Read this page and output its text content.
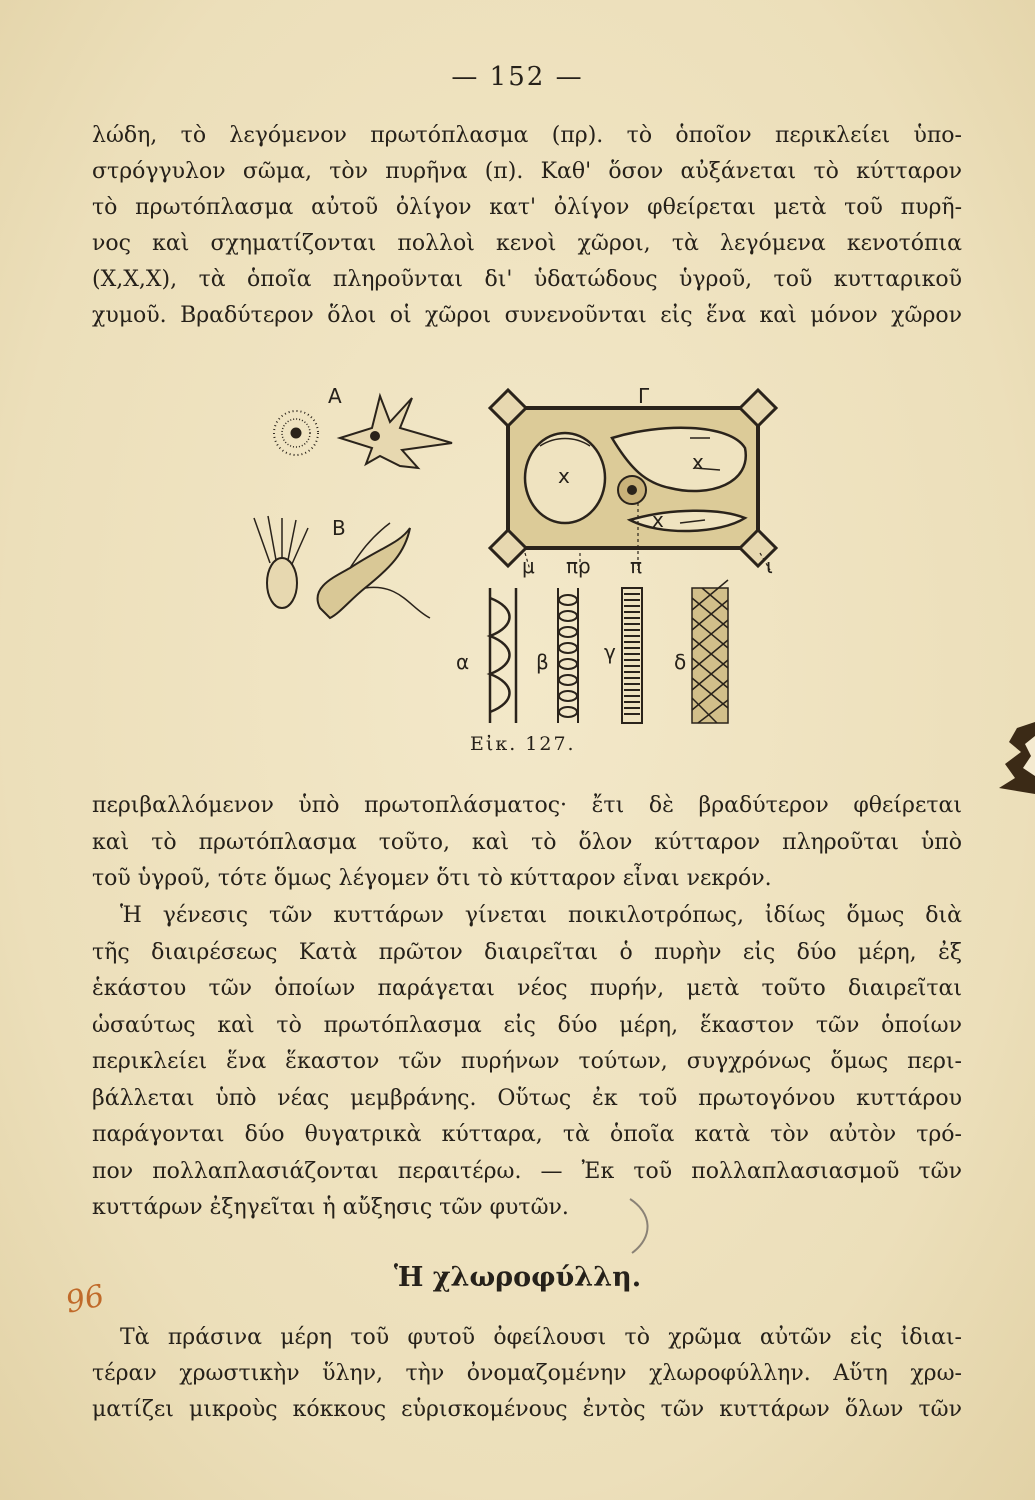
— 152 —
λώδη, τὸ λεγόμενον πρωτόπλασμα (πρ). τὸ ὁποῖον περικλείει ὑπο-
στρόγγυλον σῶμα, τὸν πυρῆνα (π). Καθ' ὅσον αὐξάνεται τὸ κύτταρον
τὸ πρωτόπλασμα αὐτοῦ ὀλίγον κατ' ὀλίγον φθείρεται μετὰ τοῦ πυρῆ-
νος καὶ σχηματίζονται πολλοὶ κενοὶ χῶροι, τὰ λεγόμενα κενοτόπια
(X,X,X), τὰ ὁποῖα πληροῦνται δι' ὑδατώδους ὑγροῦ, τοῦ κυτταρικοῦ
χυμοῦ. Βραδύτερον ὅλοι οἱ χῶροι συνενοῦνται εἰς ἕνα καὶ μόνον χῶρον
A
B
Γ
x
x
x
μ πρ π	ι
α	β	γ	δ
Εἰκ. 127.
περιβαλλόμενον ὑπὸ πρωτοπλάσματος· ἔτι δὲ βραδύτερον φθείρεται
καὶ τὸ πρωτόπλασμα τοῦτο, καὶ τὸ ὅλον κύτταρον πληροῦται ὑπὸ
τοῦ ὑγροῦ, τότε ὅμως λέγομεν ὅτι τὸ κύτταρον εἶναι νεκρόν.
Ἡ γένεσις τῶν κυττάρων γίνεται ποικιλοτρόπως, ἰδίως ὅμως διὰ
τῆς διαιρέσεως Κατὰ πρῶτον διαιρεῖται ὁ πυρὴν εἰς δύο μέρη, ἐξ
ἑκάστου τῶν ὁποίων παράγεται νέος πυρήν, μετὰ τοῦτο διαιρεῖται
ὡσαύτως καὶ τὸ πρωτόπλασμα εἰς δύο μέρη, ἕκαστον τῶν ὁποίων
περικλείει ἕνα ἕκαστον τῶν πυρήνων τούτων, συγχρόνως ὅμως περι-
βάλλεται ὑπὸ νέας μεμβράνης. Οὕτως ἐκ τοῦ πρωτογόνου κυττάρου
παράγονται δύο θυγατρικὰ κύτταρα, τὰ ὁποῖα κατὰ τὸν αὐτὸν τρό-
πον πολλαπλασιάζονται περαιτέρω. — Ἐκ τοῦ πολλαπλασιασμοῦ τῶν
κυττάρων ἐξηγεῖται ἡ αὔξησις τῶν φυτῶν.
Ἡ χλωροφύλλη.
96
Τὰ πράσινα μέρη τοῦ φυτοῦ ὀφείλουσι τὸ χρῶμα αὐτῶν εἰς ἰδιαι-
τέραν χρωστικὴν ὕλην, τὴν ὀνομαζομένην χλωροφύλλην. Αὕτη χρω-
ματίζει μικροὺς κόκκους εὑρισκομένους ἐντὸς τῶν κυττάρων ὅλων τῶν
